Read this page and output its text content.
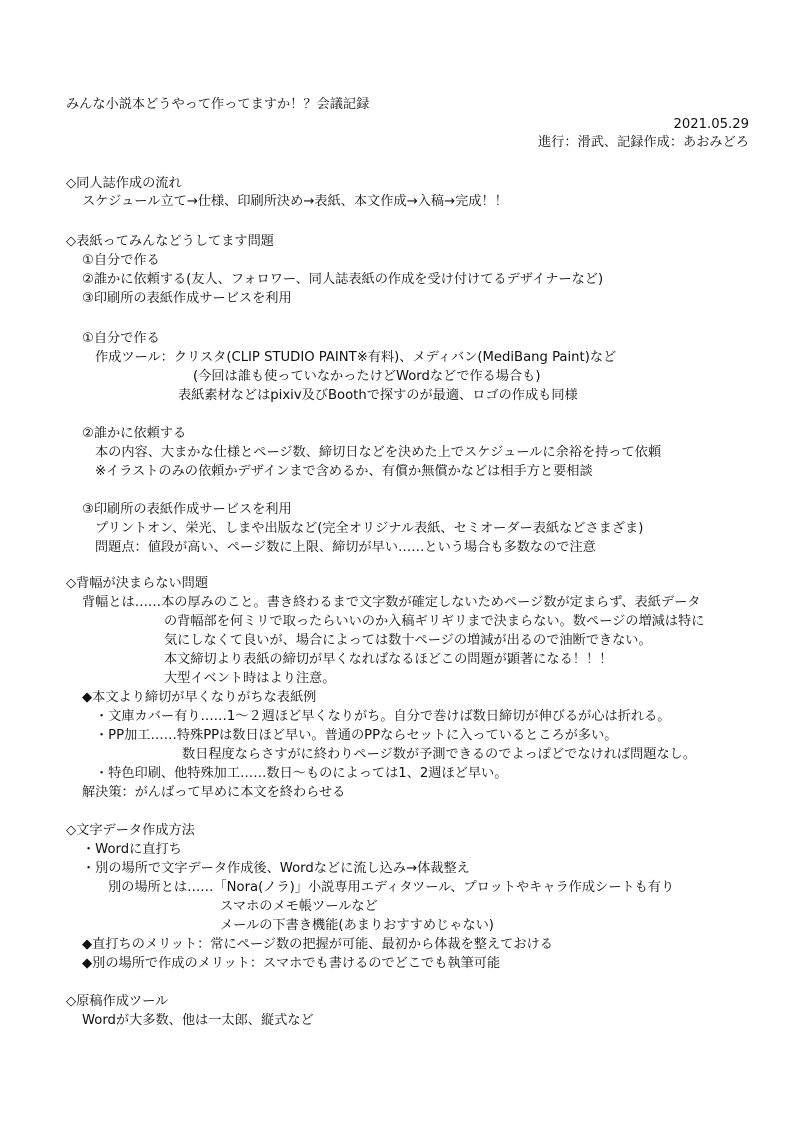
みんな小説本どうやって作ってますか！？会議記録
2021.05.29
進行：滑武、記録作成：あおみどろ
◇同人誌作成の流れ
スケジュール立て→仕様、印刷所決め→表紙、本文作成→入稿→完成！！
◇表紙ってみんなどうしてます問題
①自分で作る
②誰かに依頼する(友人、フォロワー、同人誌表紙の作成を受け付けてるデザイナーなど)
③印刷所の表紙作成サービスを利用
①自分で作る
作成ツール：クリスタ(CLIP STUDIO PAINT※有料)、メディバン(MediBang Paint)など
(今回は誰も使っていなかったけどWordなどで作る場合も)
表紙素材などはpixiv及びBoothで探すのが最適、ロゴの作成も同様
②誰かに依頼する
本の内容、大まかな仕様とページ数、締切日などを決めた上でスケジュールに余裕を持って依頼
※イラストのみの依頼かデザインまで含めるか、有償か無償かなどは相手方と要相談
③印刷所の表紙作成サービスを利用
プリントオン、栄光、しまや出版など(完全オリジナル表紙、セミオーダー表紙などさまざま)
問題点：値段が高い、ページ数に上限、締切が早い……という場合も多数なので注意
◇背幅が決まらない問題
背幅とは……本の厚みのこと。書き終わるまで文字数が確定しないためページ数が定まらず、表紙データ
の背幅部を何ミリで取ったらいいのか入稿ギリギリまで決まらない。数ページの増減は特に
気にしなくて良いが、場合によっては数十ページの増減が出るので油断できない。
本文締切より表紙の締切が早くなればなるほどこの問題が顕著になる！！！
大型イベント時はより注意。
◆本文より締切が早くなりがちな表紙例
・文庫カバー有り……1～２週ほど早くなりがち。自分で巻けば数日締切が伸びるが心は折れる。
・PP加工……特殊PPは数日ほど早い。普通のPPならセットに入っているところが多い。
数日程度ならさすがに終わりページ数が予測できるのでよっぽどでなければ問題なし。
・特色印刷、他特殊加工……数日～ものによっては1、2週ほど早い。
解決策：がんばって早めに本文を終わらせる
◇文字データ作成方法
・Wordに直打ち
・別の場所で文字データ作成後、Wordなどに流し込み→体裁整え
別の場所とは……「Nora(ノラ)」小説専用エディタツール、プロットやキャラ作成シートも有り
スマホのメモ帳ツールなど
メールの下書き機能(あまりおすすめじゃない)
◆直打ちのメリット：常にページ数の把握が可能、最初から体裁を整えておける
◆別の場所で作成のメリット：スマホでも書けるのでどこでも執筆可能
◇原稿作成ツール
Wordが大多数、他は一太郎、縦式など
